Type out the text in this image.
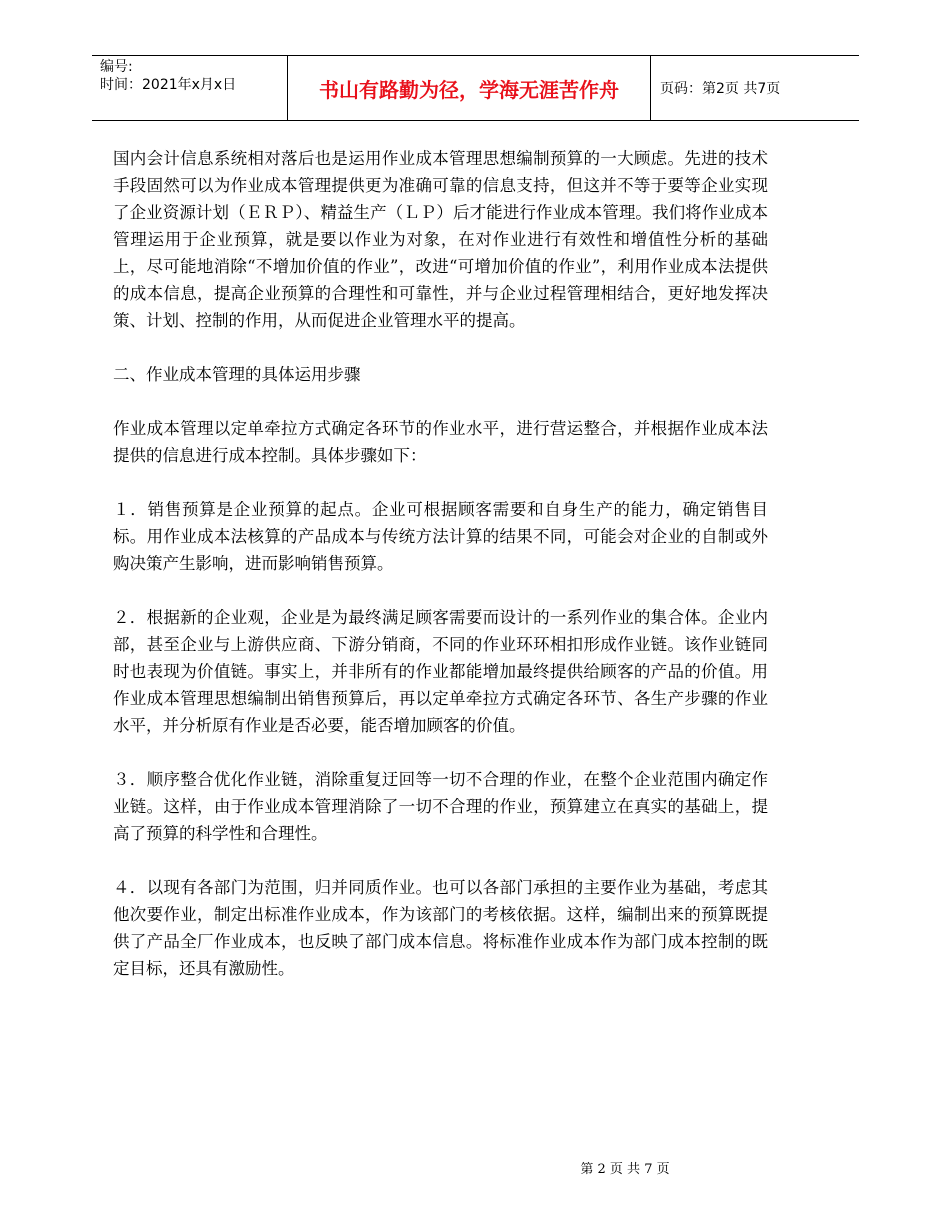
编号:
时间：2021年x月x日	书山有路勤为径，学海无涯苦作舟	页码：第2页 共7页

国内会计信息系统相对落后也是运用作业成本管理思想编制预算的一大顾虑。先进的技术手段固然可以为作业成本管理提供更为准确可靠的信息支持，但这并不等于要等企业实现了企业资源计划（ＥＲＰ）、精益生产（ＬＰ）后才能进行作业成本管理。我们将作业成本管理运用于企业预算，就是要以作业为对象，在对作业进行有效性和增值性分析的基础上，尽可能地消除“不增加价值的作业”，改进“可增加价值的作业”，利用作业成本法提供的成本信息，提高企业预算的合理性和可靠性，并与企业过程管理相结合，更好地发挥决策、计划、控制的作用，从而促进企业管理水平的提高。

二、作业成本管理的具体运用步骤

作业成本管理以定单牵拉方式确定各环节的作业水平，进行营运整合，并根据作业成本法提供的信息进行成本控制。具体步骤如下：

１．销售预算是企业预算的起点。企业可根据顾客需要和自身生产的能力，确定销售目标。用作业成本法核算的产品成本与传统方法计算的结果不同，可能会对企业的自制或外购决策产生影响，进而影响销售预算。

２．根据新的企业观，企业是为最终满足顾客需要而设计的一系列作业的集合体。企业内部，甚至企业与上游供应商、下游分销商，不同的作业环环相扣形成作业链。该作业链同时也表现为价值链。事实上，并非所有的作业都能增加最终提供给顾客的产品的价值。用作业成本管理思想编制出销售预算后，再以定单牵拉方式确定各环节、各生产步骤的作业水平，并分析原有作业是否必要，能否增加顾客的价值。

３．顺序整合优化作业链，消除重复迂回等一切不合理的作业，在整个企业范围内确定作业链。这样，由于作业成本管理消除了一切不合理的作业，预算建立在真实的基础上，提高了预算的科学性和合理性。

４．以现有各部门为范围，归并同质作业。也可以各部门承担的主要作业为基础，考虑其他次要作业，制定出标准作业成本，作为该部门的考核依据。这样，编制出来的预算既提供了产品全厂作业成本，也反映了部门成本信息。将标准作业成本作为部门成本控制的既定目标，还具有激励性。

第 2 页 共 7 页
